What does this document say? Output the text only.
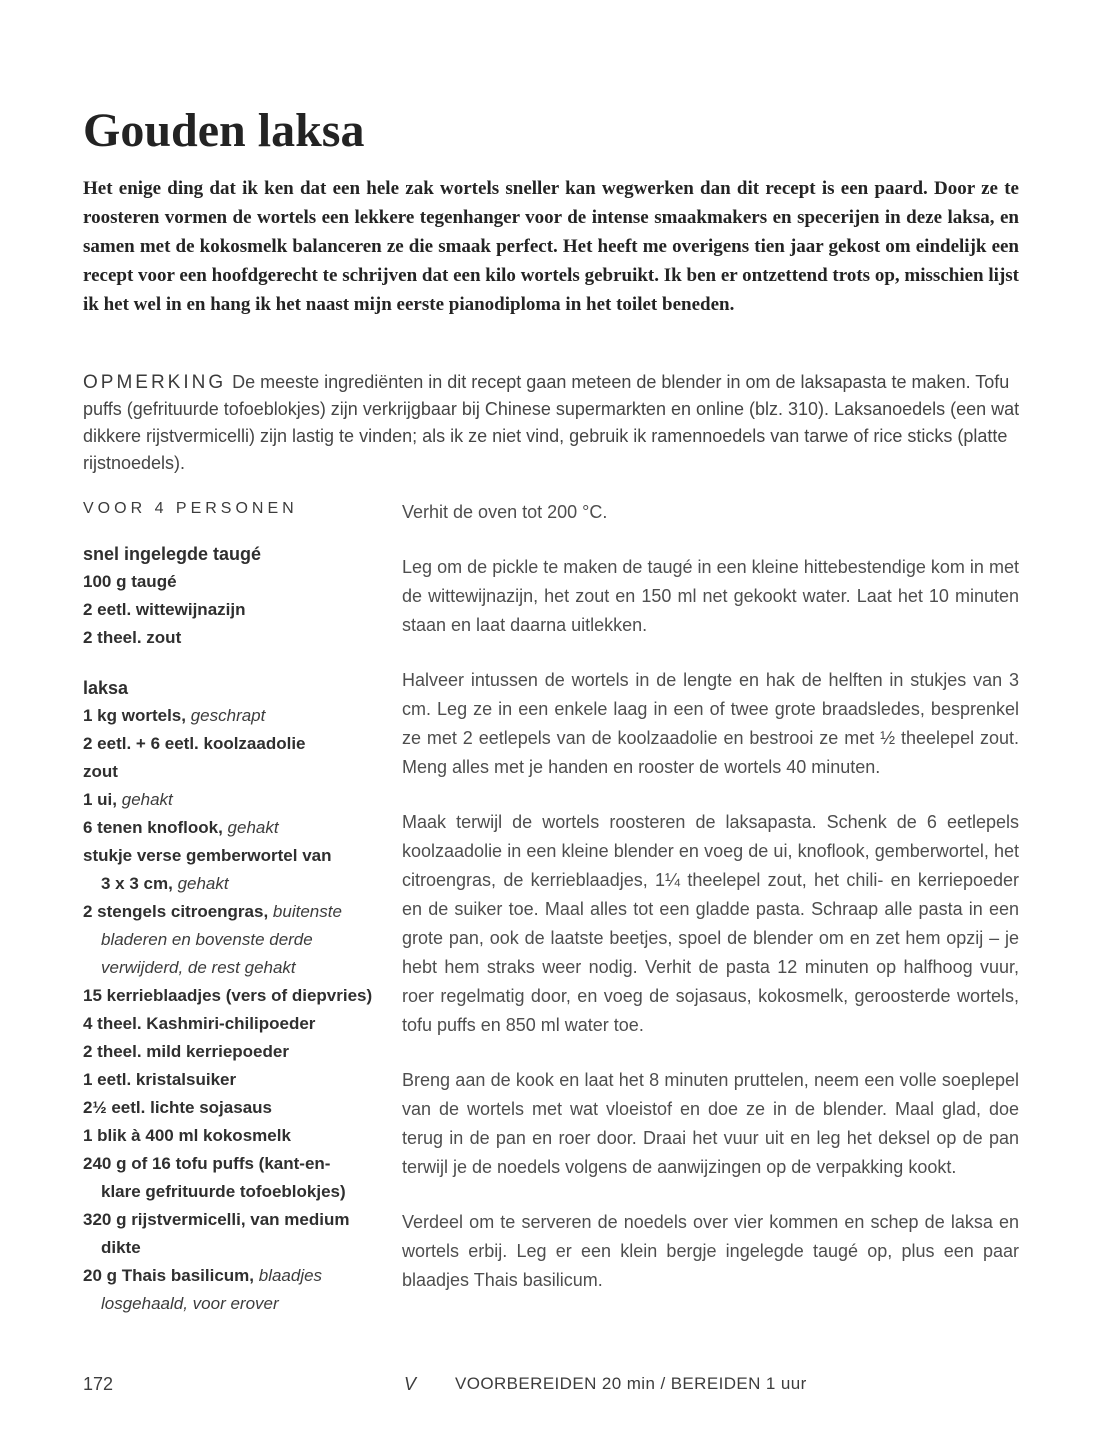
Gouden laksa

Het enige ding dat ik ken dat een hele zak wortels sneller kan wegwerken dan dit recept is een paard. Door ze te roosteren vormen de wortels een lekkere tegenhanger voor de intense smaakmakers en specerijen in deze laksa, en samen met de kokosmelk balanceren ze die smaak perfect. Het heeft me overigens tien jaar gekost om eindelijk een recept voor een hoofdgerecht te schrijven dat een kilo wortels gebruikt. Ik ben er ontzettend trots op, misschien lijst ik het wel in en hang ik het naast mijn eerste pianodiploma in het toilet beneden.

OPMERKING De meeste ingrediënten in dit recept gaan meteen de blender in om de laksapasta te maken. Tofu puffs (gefrituurde tofoeblokjes) zijn verkrijgbaar bij Chinese supermarkten en online (blz. 310). Laksanoedels (een wat dikkere rijstvermicelli) zijn lastig te vinden; als ik ze niet vind, gebruik ik ramennoedels van tarwe of rice sticks (platte rijstnoedels).

VOOR 4 PERSONEN
snel ingelegde taugé
100 g taugé
2 eetl. wittewijnazijn
2 theel. zout
laksa
1 kg wortels, geschrapt
2 eetl. + 6 eetl. koolzaadolie
zout
1 ui, gehakt
6 tenen knoflook, gehakt
stukje verse gemberwortel van
3 x 3 cm, gehakt
2 stengels citroengras, buitenste
bladeren en bovenste derde
verwijderd, de rest gehakt
15 kerrieblaadjes (vers of diepvries)
4 theel. Kashmiri-chilipoeder
2 theel. mild kerriepoeder
1 eetl. kristalsuiker
2½ eetl. lichte sojasaus
1 blik à 400 ml kokosmelk
240 g of 16 tofu puffs (kant-en-
klare gefrituurde tofoeblokjes)
320 g rijstvermicelli, van medium
dikte
20 g Thais basilicum, blaadjes
losgehaald, voor erover

Verhit de oven tot 200 °C.

Leg om de pickle te maken de taugé in een kleine hittebestendige kom in met de wittewijnazijn, het zout en 150 ml net gekookt water. Laat het 10 minuten staan en laat daarna uitlekken.

Halveer intussen de wortels in de lengte en hak de helften in stukjes van 3 cm. Leg ze in een enkele laag in een of twee grote braadsledes, besprenkel ze met 2 eetlepels van de koolzaadolie en bestrooi ze met ½ theelepel zout. Meng alles met je handen en rooster de wortels 40 minuten.

Maak terwijl de wortels roosteren de laksapasta. Schenk de 6 eetlepels koolzaadolie in een kleine blender en voeg de ui, knoflook, gemberwortel, het citroengras, de kerrieblaadjes, 1¼ theelepel zout, het chili- en kerriepoeder en de suiker toe. Maal alles tot een gladde pasta. Schraap alle pasta in een grote pan, ook de laatste beetjes, spoel de blender om en zet hem opzij – je hebt hem straks weer nodig. Verhit de pasta 12 minuten op halfhoog vuur, roer regelmatig door, en voeg de sojasaus, kokosmelk, geroosterde wortels, tofu puffs en 850 ml water toe.

Breng aan de kook en laat het 8 minuten pruttelen, neem een volle soeplepel van de wortels met wat vloeistof en doe ze in de blender. Maal glad, doe terug in de pan en roer door. Draai het vuur uit en leg het deksel op de pan terwijl je de noedels volgens de aanwijzingen op de verpakking kookt.

Verdeel om te serveren de noedels over vier kommen en schep de laksa en wortels erbij. Leg er een klein bergje ingelegde taugé op, plus een paar blaadjes Thais basilicum.

172	V VOORBEREIDEN 20 min / BEREIDEN 1 uur
